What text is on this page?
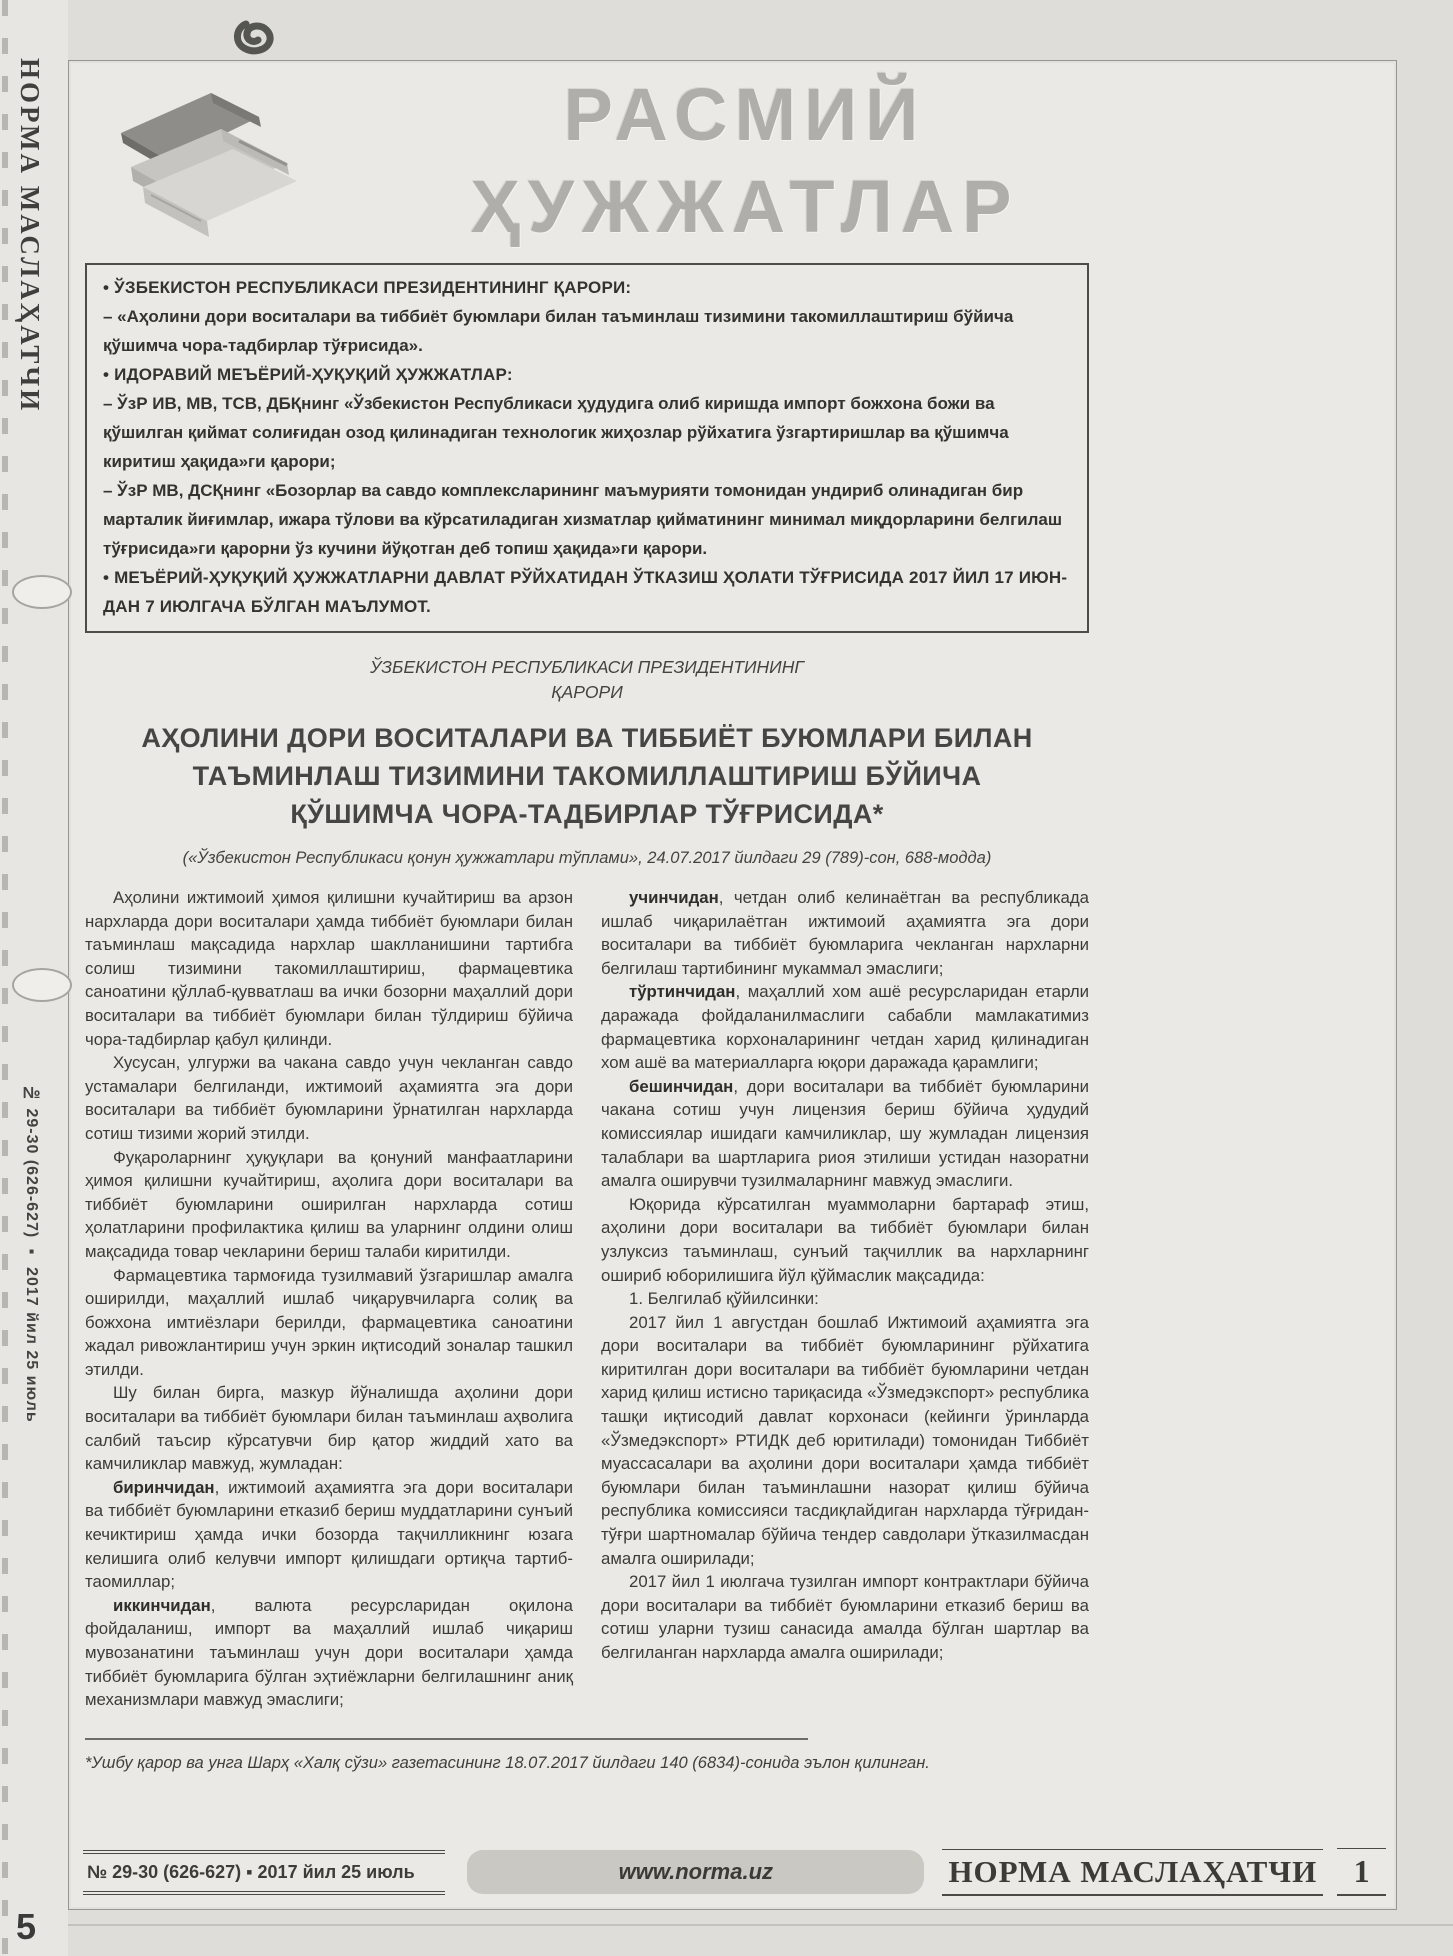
НОРМА МАСЛАҲАТЧИ
№ 29-30 (626-627) ▪ 2017 йил 25 июль
5
РАСМИЙ
ҲУЖЖАТЛАР

• ЎЗБЕКИСТОН РЕСПУБЛИКАСИ ПРЕЗИДЕНТИНИНГ ҚАРОРИ:

– «Аҳолини дори воситалари ва тиббиёт буюмлари билан таъминлаш тизимини такомиллаштириш бўйича қўшимча чора-тадбирлар тўғрисида».

• ИДОРАВИЙ МЕЪЁРИЙ-ҲУҚУҚИЙ ҲУЖЖАТЛАР:

– ЎзР ИВ, МВ, ТСВ, ДБҚнинг «Ўзбекистон Республикаси ҳудудига олиб киришда импорт божхона божи ва қўшилган қиймат солиғидан озод қилинадиган технологик жиҳозлар рўйхатига ўзгартиришлар ва қўшимча киритиш ҳақида»ги қарори;

– ЎзР МВ, ДСҚнинг «Бозорлар ва савдо комплексларининг маъмурияти томонидан ундириб олинадиган бир марталик йиғимлар, ижара тўлови ва кўрсатиладиган хизматлар қийматининг минимал миқдорларини белгилаш тўғрисида»ги қарорни ўз кучини йўқотган деб топиш ҳақида»ги қарори.

• МЕЪЁРИЙ-ҲУҚУҚИЙ ҲУЖЖАТЛАРНИ ДАВЛАТ РЎЙХАТИДАН ЎТКАЗИШ ҲОЛАТИ ТЎҒРИСИДА 2017 ЙИЛ 17 ИЮН-ДАН 7 ИЮЛГАЧА БЎЛГАН МАЪЛУМОТ.

ЎЗБЕКИСТОН РЕСПУБЛИКАСИ ПРЕЗИДЕНТИНИНГ
ҚАРОРИ
АҲОЛИНИ ДОРИ ВОСИТАЛАРИ ВА ТИББИЁТ БУЮМЛАРИ БИЛАН ТАЪМИНЛАШ ТИЗИМИНИ ТАКОМИЛЛАШТИРИШ БЎЙИЧА ҚЎШИМЧА ЧОРА-ТАДБИРЛАР ТЎҒРИСИДА*

(«Ўзбекистон Республикаси қонун ҳужжатлари тўплами», 24.07.2017 йилдаги 29 (789)-сон, 688-модда)

Аҳолини ижтимоий ҳимоя қилишни кучайтириш ва арзон нархларда дори воситалари ҳамда тиббиёт буюмлари билан таъминлаш мақсадида нархлар шаклланишини тартибга солиш тизимини такомиллаштириш, фармацевтика саноатини қўллаб-қувватлаш ва ички бозорни маҳаллий дори воситалари ва тиббиёт буюмлари билан тўлдириш бўйича чора-тадбирлар қабул қилинди.

Хусусан, улгуржи ва чакана савдо учун чекланган савдо устамалари белгиланди, ижтимоий аҳамиятга эга дори воситалари ва тиббиёт буюмларини ўрнатилган нархларда сотиш тизими жорий этилди.

Фуқароларнинг ҳуқуқлари ва қонуний манфаатларини ҳимоя қилишни кучайтириш, аҳолига дори воситалари ва тиббиёт буюмларини оширилган нархларда сотиш ҳолатларини профилактика қилиш ва уларнинг олдини олиш мақсадида товар чекларини бериш талаби киритилди.

Фармацевтика тармоғида тузилмавий ўзгаришлар амалга оширилди, маҳаллий ишлаб чиқарувчиларга солиқ ва божхона имтиёзлари берилди, фармацевтика саноатини жадал ривожлантириш учун эркин иқтисодий зоналар ташкил этилди.

Шу билан бирга, мазкур йўналишда аҳолини дори воситалари ва тиббиёт буюмлари билан таъминлаш аҳволига салбий таъсир кўрсатувчи бир қатор жиддий хато ва камчиликлар мавжуд, жумладан:

биринчидан, ижтимоий аҳамиятга эга дори воситалари ва тиббиёт буюмларини етказиб бериш муддатларини сунъий кечиктириш ҳамда ички бозорда тақчилликнинг юзага келишига олиб келувчи импорт қилишдаги ортиқча тартиб-таомиллар;

иккинчидан, валюта ресурсларидан оқилона фойдаланиш, импорт ва маҳаллий ишлаб чиқариш мувозанатини таъминлаш учун дори воситалари ҳамда тиббиёт буюмларига бўлган эҳтиёжларни белгилашнинг аниқ механизмлари мавжуд эмаслиги;

учинчидан, четдан олиб келинаётган ва республикада ишлаб чиқарилаётган ижтимоий аҳамиятга эга дори воситалари ва тиббиёт буюмларига чекланган нархларни белгилаш тартибининг мукаммал эмаслиги;

тўртинчидан, маҳаллий хом ашё ресурсларидан етарли даражада фойдаланилмаслиги сабабли мамлакатимиз фармацевтика корхоналарининг четдан харид қилинадиган хом ашё ва материалларга юқори даражада қарамлиги;

бешинчидан, дори воситалари ва тиббиёт буюмларини чакана сотиш учун лицензия бериш бўйича ҳудудий комиссиялар ишидаги камчиликлар, шу жумладан лицензия талаблари ва шартларига риоя этилиши устидан назоратни амалга оширувчи тузилмаларнинг мавжуд эмаслиги.

Юқорида кўрсатилган муаммоларни бартараф этиш, аҳолини дори воситалари ва тиббиёт буюмлари билан узлуксиз таъминлаш, сунъий тақчиллик ва нархларнинг ошириб юборилишига йўл қўймаслик мақсадида:

1. Белгилаб қўйилсинки:

2017 йил 1 августдан бошлаб Ижтимоий аҳамиятга эга дори воситалари ва тиббиёт буюмларининг рўйхатига киритилган дори воситалари ва тиббиёт буюмларини четдан харид қилиш истисно тариқасида «Ўзмедэкспорт» республика ташқи иқтисодий давлат корхонаси (кейинги ўринларда «Ўзмедэкспорт» РТИДК деб юритилади) томонидан Тиббиёт муассасалари ва аҳолини дори воситалари ҳамда тиббиёт буюмлари билан таъминлашни назорат қилиш бўйича республика комиссияси тасдиқлайдиган нархларда тўғридан-тўғри шартномалар бўйича тендер савдолари ўтказилмасдан амалга оширилади;

2017 йил 1 июлгача тузилган импорт контрактлари бўйича дори воситалари ва тиббиёт буюмларини етказиб бериш ва сотиш уларни тузиш санасида амалда бўлган шартлар ва белгиланган нархларда амалга оширилади;

*Ушбу қарор ва унга Шарҳ «Халқ сўзи» газетасининг 18.07.2017 йилдаги 140 (6834)-сонида эълон қилинган.

№ 29-30 (626-627) ▪ 2017 йил 25 июль	www.norma.uz	НОРМА МАСЛАҲАТЧИ	1
